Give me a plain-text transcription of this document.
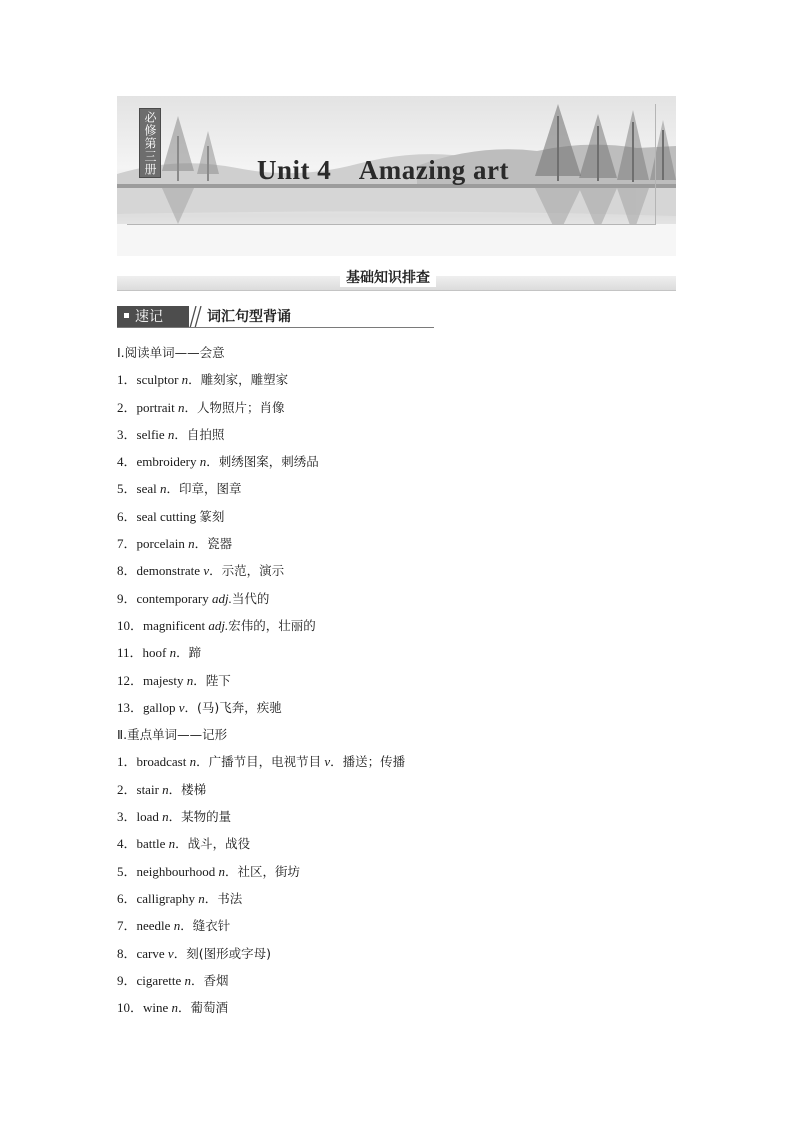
必修第三册	Unit 4　Amazing art
基础知识排查
速记	词汇句型背诵
Ⅰ.阅读单词——会意
1．sculptor n．雕刻家，雕塑家
2．portrait n．人物照片；肖像
3．selfie n．自拍照
4．embroidery n．刺绣图案，刺绣品
5．seal n．印章，图章
6．seal cutting 篆刻
7．porcelain n．瓷器
8．demonstrate v．示范，演示
9．contemporary adj.当代的
10．magnificent adj.宏伟的，壮丽的
11．hoof n．蹄
12．majesty n．陛下
13．gallop v．(马)飞奔，疾驰
Ⅱ.重点单词——记形
1．broadcast n．广播节目，电视节目 v．播送；传播
2．stair n．楼梯
3．load n．某物的量
4．battle n．战斗，战役
5．neighbourhood n．社区，街坊
6．calligraphy n．书法
7．needle n．缝衣针
8．carve v．刻(图形或字母)
9．cigarette n．香烟
10．wine n．葡萄酒
